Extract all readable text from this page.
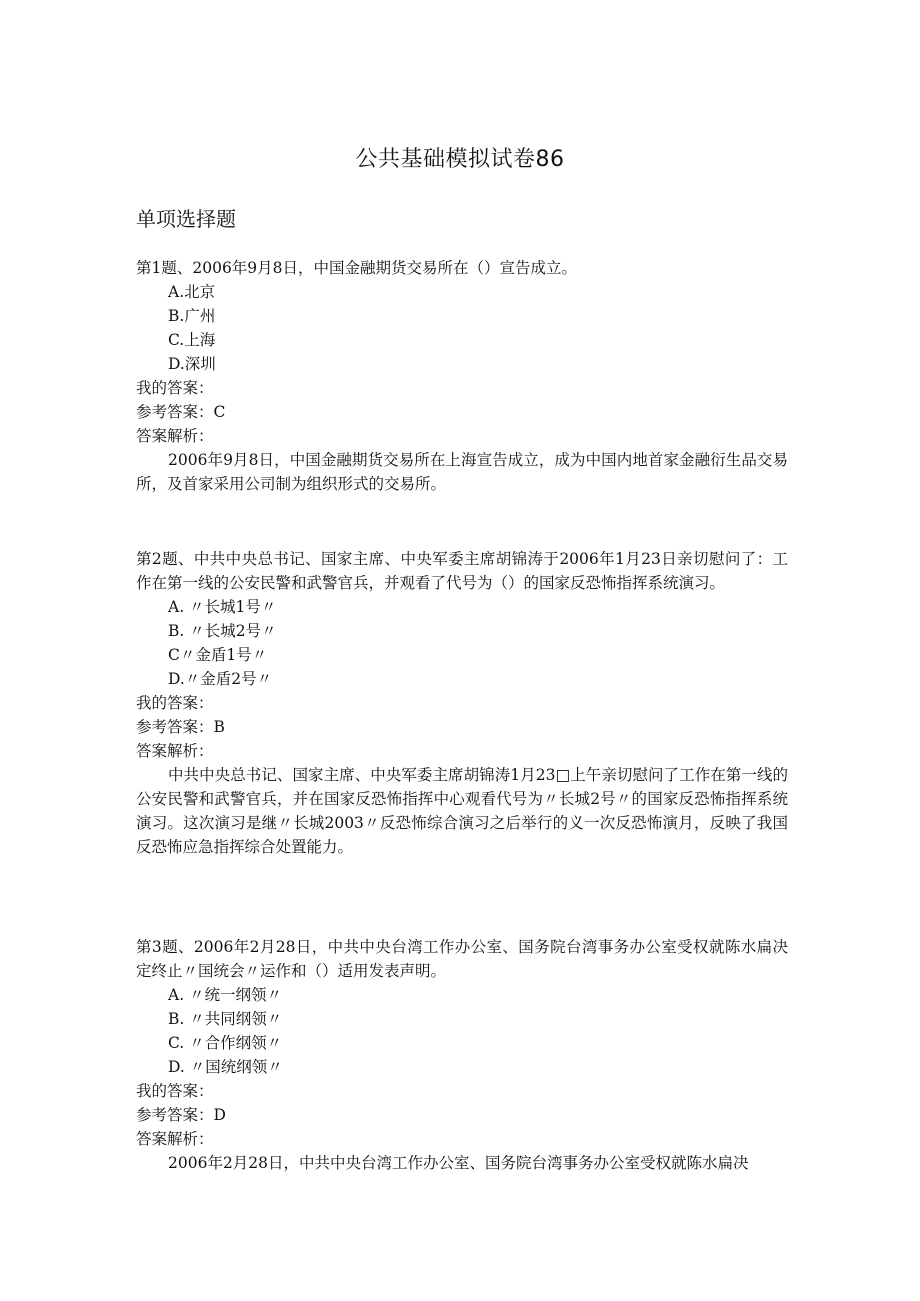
公共基础模拟试卷86
单项选择题

第1题、2006年9月8日，中国金融期货交易所在（）宣告成立。

A.北京
B.广州
C.上海
D.深圳

我的答案：

参考答案：C

答案解析：

2006年9月8日，中国金融期货交易所在上海宣告成立，成为中国内地首家金融衍生品交易所，及首家采用公司制为组织形式的交易所。

第2题、中共中央总书记、国家主席、中央军委主席胡锦涛于2006年1月23日亲切慰问了：工作在第一线的公安民警和武警官兵，并观看了代号为（）的国家反恐怖指挥系统演习。

A. 〃长城1号〃
B. 〃长城2号〃
C〃金盾1号〃
D.〃金盾2号〃

我的答案：

参考答案：B

答案解析：

中共中央总书记、国家主席、中央军委主席胡锦涛1月23□上午亲切慰问了工作在第一线的公安民警和武警官兵，并在国家反恐怖指挥中心观看代号为〃长城2号〃的国家反恐怖指挥系统演习。这次演习是继〃长城2003〃反恐怖综合演习之后举行的义一次反恐怖演月，反映了我国反恐怖应急指挥综合处置能力。

第3题、2006年2月28日，中共中央台湾工作办公室、国务院台湾事务办公室受权就陈水扁决定终止〃国统会〃运作和（）适用发表声明。

A. 〃统一纲领〃
B. 〃共同纲领〃
C. 〃合作纲领〃
D. 〃国统纲领〃

我的答案：

参考答案：D

答案解析：

2006年2月28日，中共中央台湾工作办公室、国务院台湾事务办公室受权就陈水扁决
